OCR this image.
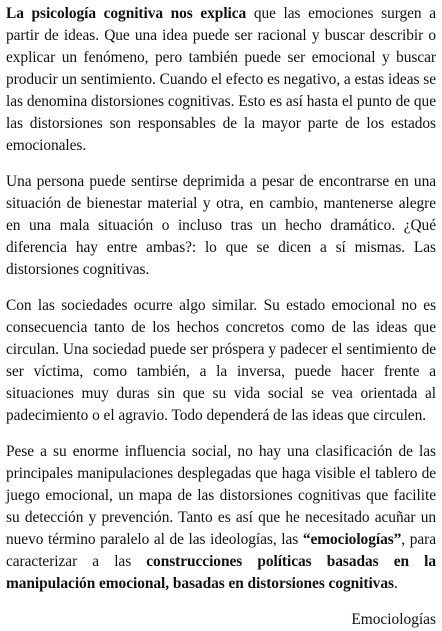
La psicología cognitiva nos explica que las emociones surgen a partir de ideas. Que una idea puede ser racional y buscar describir o explicar un fenómeno, pero también puede ser emocional y buscar producir un sentimiento. Cuando el efecto es negativo, a estas ideas se las denomina distorsiones cognitivas. Esto es así hasta el punto de que las distorsiones son responsables de la mayor parte de los estados emocionales.

Una persona puede sentirse deprimida a pesar de encontrarse en una situación de bienestar material y otra, en cambio, mantenerse alegre en una mala situación o incluso tras un hecho dramático. ¿Qué diferencia hay entre ambas?: lo que se dicen a sí mismas. Las distorsiones cognitivas.

Con las sociedades ocurre algo similar. Su estado emocional no es consecuencia tanto de los hechos concretos como de las ideas que circulan. Una sociedad puede ser próspera y padecer el sentimiento de ser víctima, como también, a la inversa, puede hacer frente a situaciones muy duras sin que su vida social se vea orientada al padecimiento o el agravio. Todo dependerá de las ideas que circulen.

Pese a su enorme influencia social, no hay una clasificación de las principales manipulaciones desplegadas que haga visible el tablero de juego emocional, un mapa de las distorsiones cognitivas que facilite su detección y prevención. Tanto es así que he necesitado acuñar un nuevo término paralelo al de las ideologías, las “emociologías”, para caracterizar a las construcciones políticas basadas en la manipulación emocional, basadas en distorsiones cognitivas.

Emociologías
